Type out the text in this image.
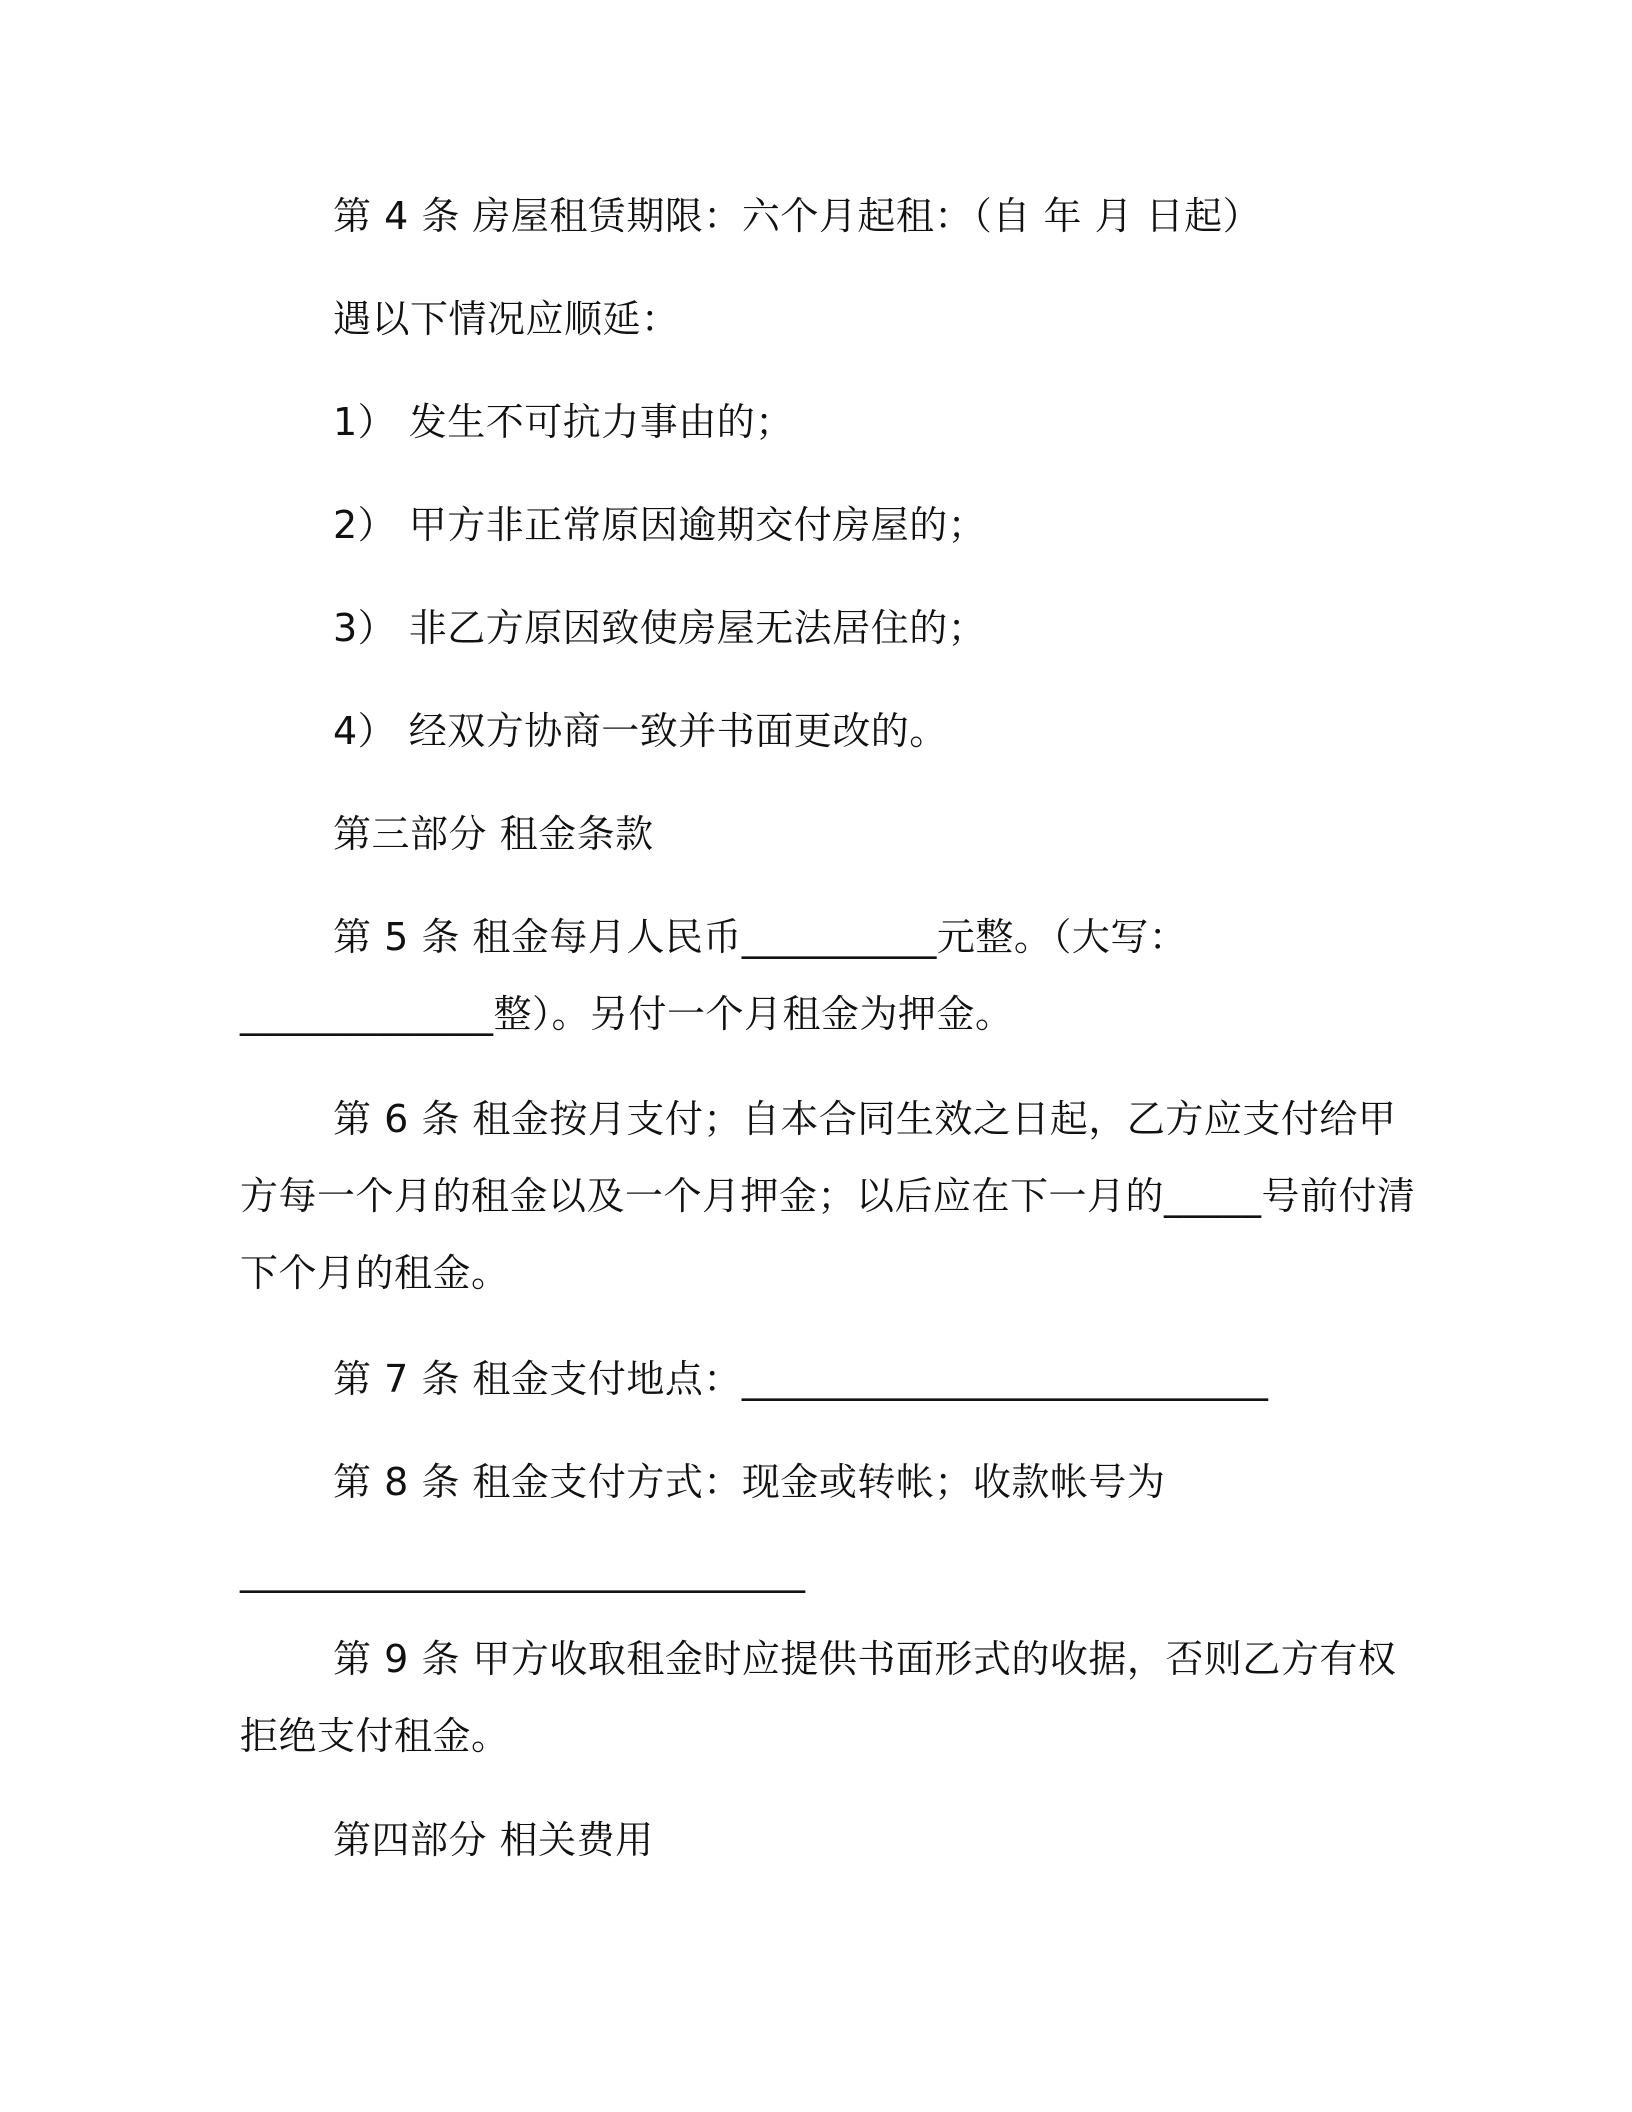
第 4 条 房屋租赁期限：六个月起租：（自 年 月 日起）
遇以下情况应顺延：
1） 发生不可抗力事由的；
2） 甲方非正常原因逾期交付房屋的；
3） 非乙方原因致使房屋无法居住的；
4） 经双方协商一致并书面更改的。
第三部分 租金条款
第 5 条 租金每月人民币__________元整。（大写：
_____________整）。另付一个月租金为押金。
第 6 条 租金按月支付；自本合同生效之日起，乙方应支付给甲
方每一个月的租金以及一个月押金；以后应在下一月的_____号前付清
下个月的租金。
第 7 条 租金支付地点：___________________________
第 8 条 租金支付方式：现金或转帐；收款帐号为
_____________________________
第 9 条 甲方收取租金时应提供书面形式的收据，否则乙方有权
拒绝支付租金。
第四部分 相关费用
